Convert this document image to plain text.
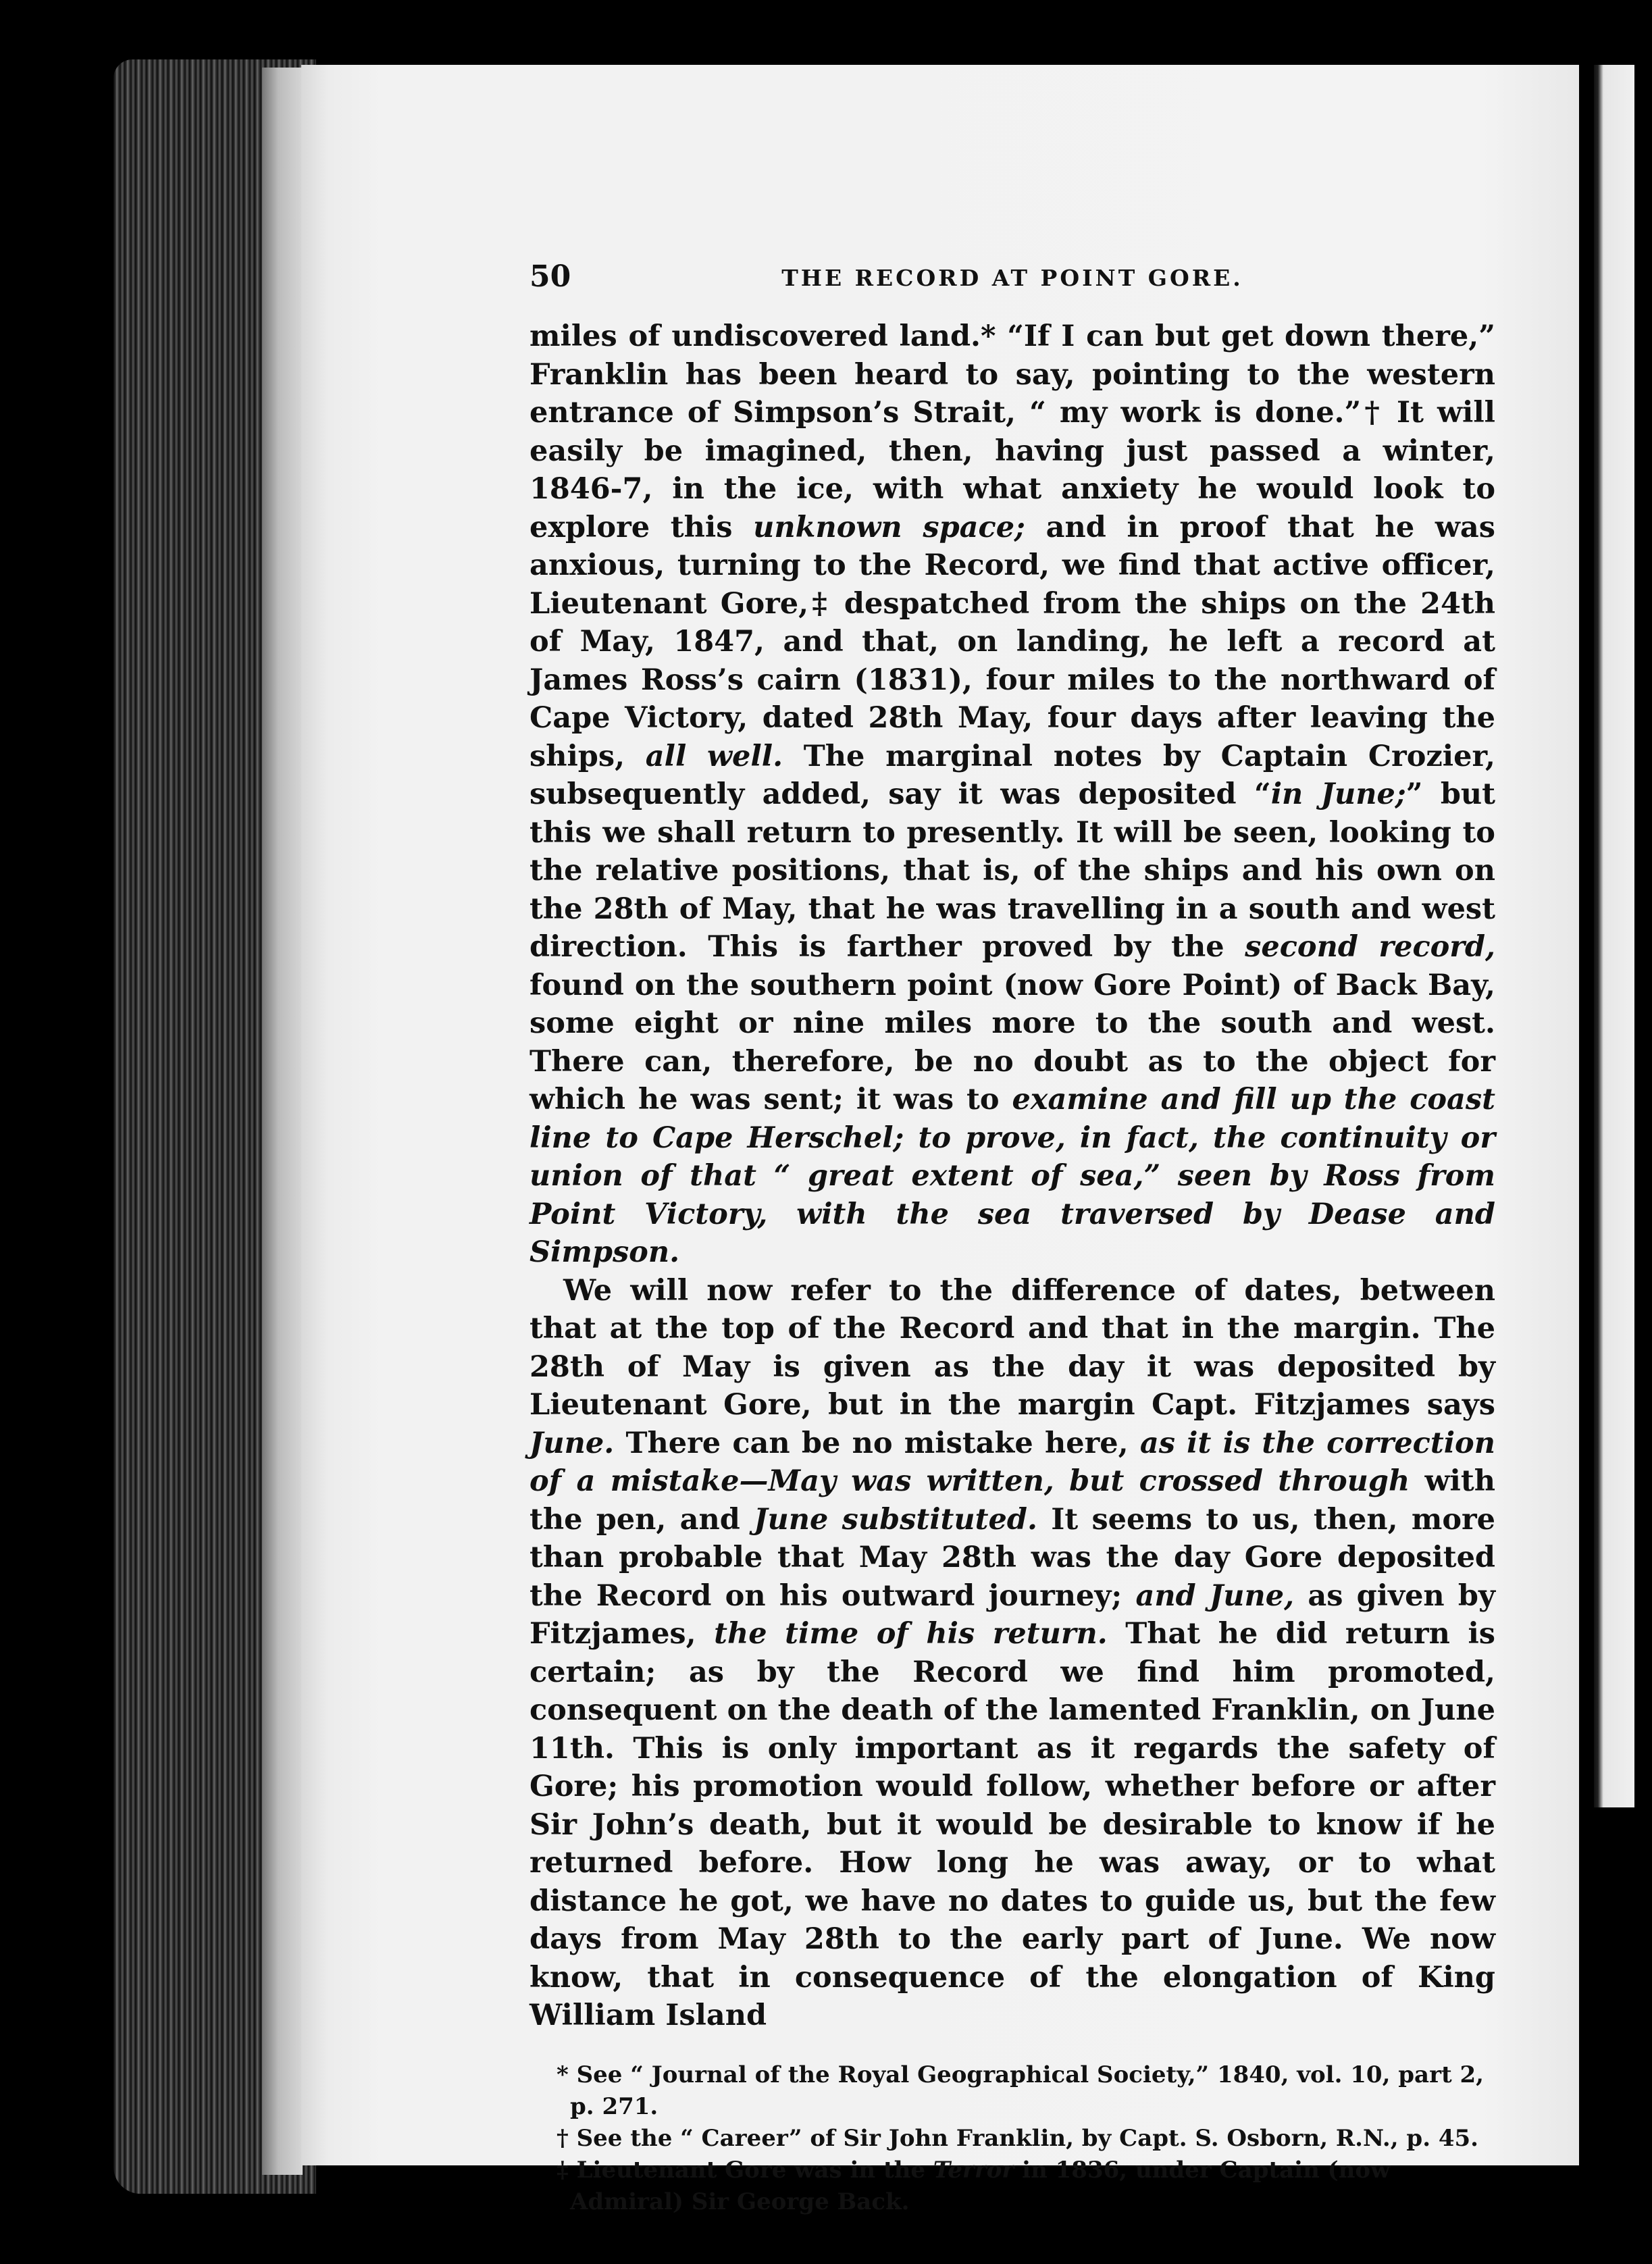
50	THE RECORD AT POINT GORE.

miles of undiscovered land.* “If I can but get down there,” Franklin has been heard to say, pointing to the western entrance of Simpson’s Strait, “ my work is done.”† It will easily be imagined, then, having just passed a winter, 1846-7, in the ice, with what anxiety he would look to explore this unknown space; and in proof that he was anxious, turning to the Record, we find that active officer, Lieutenant Gore,‡ despatched from the ships on the 24th of May, 1847, and that, on landing, he left a record at James Ross’s cairn (1831), four miles to the northward of Cape Victory, dated 28th May, four days after leaving the ships, all well. The marginal notes by Captain Crozier, subsequently added, say it was deposited “in June;” but this we shall return to presently. It will be seen, looking to the relative positions, that is, of the ships and his own on the 28th of May, that he was travelling in a south and west direction. This is farther proved by the second record, found on the southern point (now Gore Point) of Back Bay, some eight or nine miles more to the south and west. There can, therefore, be no doubt as to the object for which he was sent; it was to examine and fill up the coast line to Cape Herschel; to prove, in fact, the continuity or union of that “ great extent of sea,” seen by Ross from Point Victory, with the sea traversed by Dease and Simpson.

We will now refer to the difference of dates, between that at the top of the Record and that in the margin. The 28th of May is given as the day it was deposited by Lieutenant Gore, but in the margin Capt. Fitzjames says June. There can be no mistake here, as it is the correction of a mistake—May was written, but crossed through with the pen, and June substituted. It seems to us, then, more than probable that May 28th was the day Gore deposited the Record on his outward journey; and June, as given by Fitzjames, the time of his return. That he did return is certain; as by the Record we find him promoted, consequent on the death of the lamented Franklin, on June 11th. This is only important as it regards the safety of Gore; his promotion would follow, whether before or after Sir John’s death, but it would be desirable to know if he returned before. How long he was away, or to what distance he got, we have no dates to guide us, but the few days from May 28th to the early part of June. We now know, that in consequence of the elongation of King William Island

* See “ Journal of the Royal Geographical Society,” 1840, vol. 10, part 2, p. 271.

† See the “ Career” of Sir John Franklin, by Capt. S. Osborn, R.N., p. 45.

‡ Lieutenant Gore was in the Terror in 1836, under Captain (now Admiral) Sir George Back.
